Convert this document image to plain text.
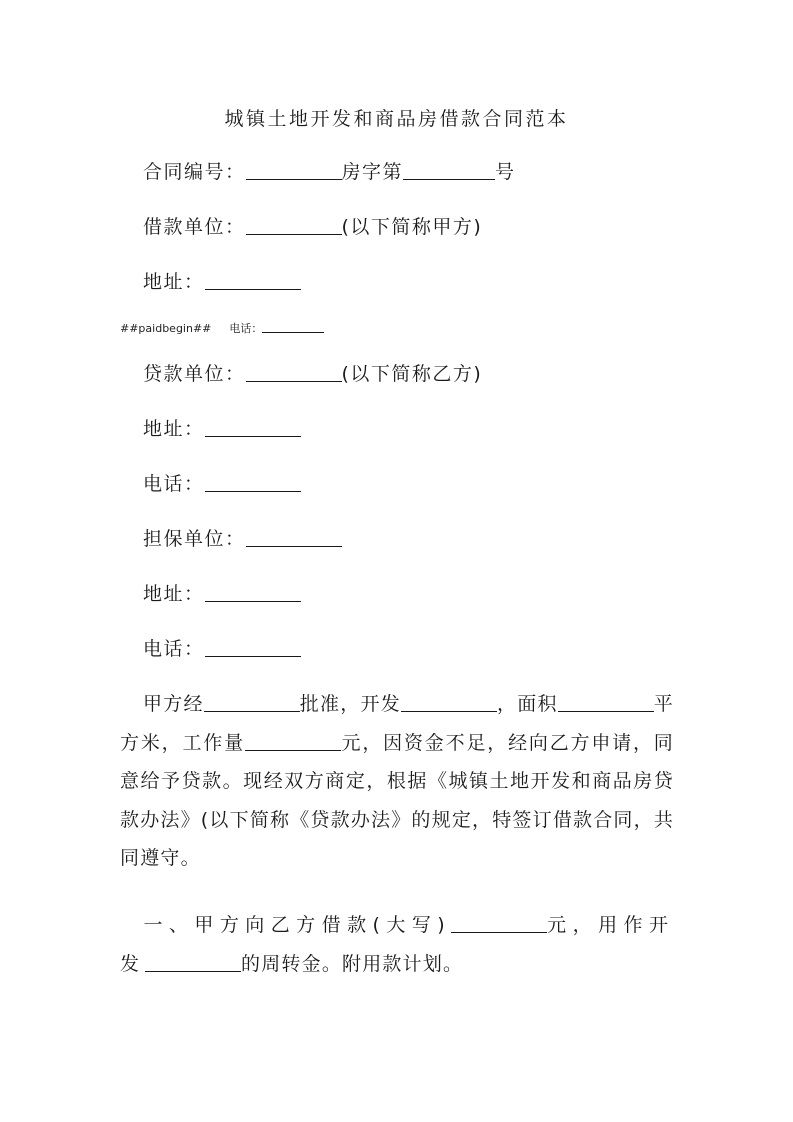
城镇土地开发和商品房借款合同范本
合同编号：	房字第	号
借款单位：	(以下简称甲方)
地址：
##paidbegin## 电话：
贷款单位：	(以下简称乙方)
地址：
电话：
担保单位：
地址：
电话：
甲方经	批准，开发	，面积	平方米，工作量	元，因资金不足，经向乙方申请，同意给予贷款。现经双方商定，根据《城镇土地开发和商品房贷款办法》(以下简称《贷款办法》的规定，特签订借款合同，共同遵守。
一、甲方向乙方借款(大写)	元，用作开发	的周转金。附用款计划。
